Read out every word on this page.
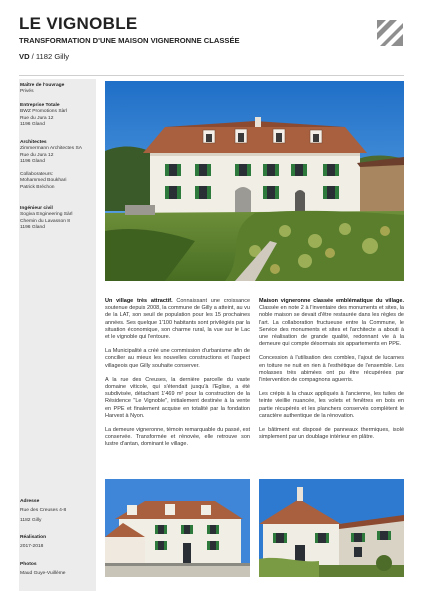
LE VIGNOBLE
TRANSFORMATION D'UNE MAISON VIGNERONNE CLASSÉE
VD / 1182 Gilly
Maître de l'ouvrage
Privés
Entreprise Totale
BWZ Promotions Sàrl
Rue du Jura 12
1196 Gland
Architectes
Zimmermann Architectes SA
Rue du Jura 12
1196 Gland
Collaborateurs:
Mohammed Boukhari
Patrick Bréchon
Ingénieur civil
Sogiva Engineering Sàrl
Chemin du Lavasson 8
1196 Gland
Adresse
Rue des Creuses 4-8
1182 Gilly
Réalisation
2017-2018
Photos
Maud Guye-Vuillème

Un village très attractif. Connaissant une croissance soutenue depuis 2008, la commune de Gilly a atteint, au vu de la LAT, son seuil de population pour les 15 prochaines années. Ses quelque 1'100 habitants sont privilégiés par la situation économique, son charme rural, la vue sur le Lac et le vignoble qui l'entoure.

La Municipalité a créé une commission d'urbanisme afin de concilier au mieux les nouvelles constructions et l'aspect villageois que Gilly souhaite conserver.

A la rue des Creuses, la dernière parcelle du vaste domaine viticole, qui s'étendait jusqu'à l'Eglise, a été subdivisée, détachant 1'469 m² pour la construction de la Résidence "Le Vignoble", initialement destinée à la vente en PPE et finalement acquise en totalité par la fondation Harvest à Nyon.

La demeure vigneronne, témoin remarquable du passé, est conservée. Transformée et rénovée, elle retrouve son lustre d'antan, dominant le village.

Maison vigneronne classée emblématique du village. Classée en note 2 à l'inventaire des monuments et sites, la noble maison se devait d'être restaurée dans les règles de l'art. La collaboration fructueuse entre la Commune, le Service des monuments et sites et l'architecte a abouti à une réalisation de grande qualité, redonnant vie à la demeure qui compte désormais six appartements en PPE.

Concession à l'utilisation des combles, l'ajout de lucarnes en toiture ne nuit en rien à l'esthétique de l'ensemble. Les molasses très abimées ont pu être récupérées par l'intervention de compagnons aguerris.

Les crépis à la chaux appliqués à l'ancienne, les tuiles de teinte vieillie nuancée, les volets et fenêtres en bois en partie récupérés et les planchers conservés complètent le caractère authentique de la rénovation.

Le bâtiment est disposé de panneaux thermiques, isolé simplement par un doublage intérieur en plâtre.
